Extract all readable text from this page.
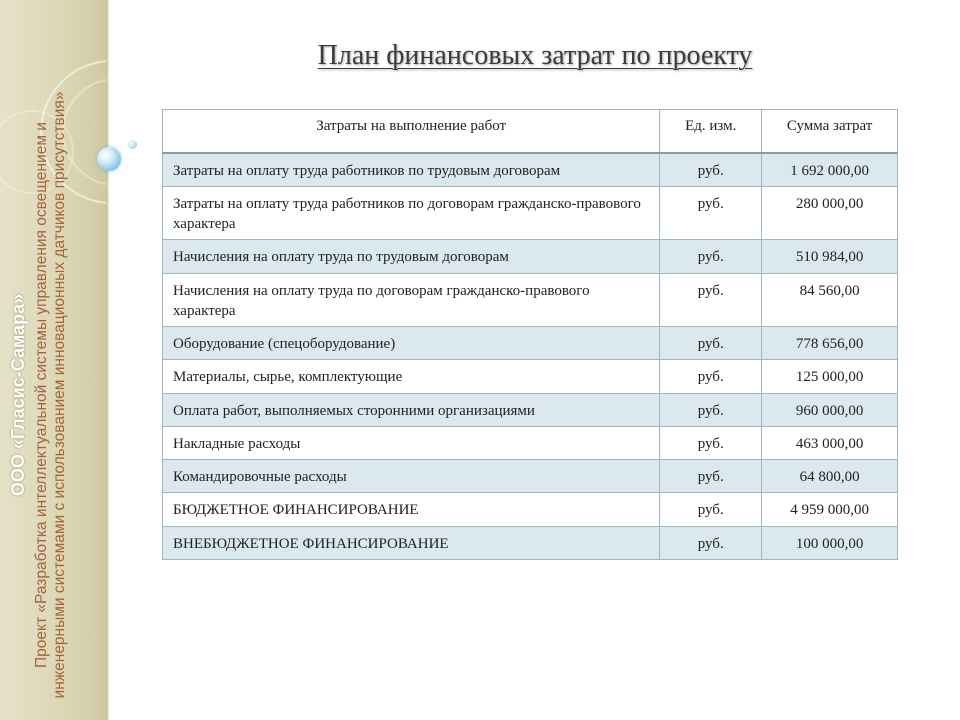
ООО «Гласис-Самара» Проект «Разработка интеллектуальной системы управления освещением и инженерными системами с использованием инновационных датчиков присутствия»
План финансовых затрат по проекту
Затраты на выполнение работ	Ед. изм.	Сумма затрат
Затраты на оплату труда работников по трудовым договорам	руб.	1 692 000,00
Затраты на оплату труда работников по договорам гражданско-правового характера	руб.	280 000,00
Начисления на оплату труда по трудовым договорам	руб.	510 984,00
Начисления на оплату труда по договорам гражданско-правового характера	руб.	84 560,00
Оборудование (спецоборудование)	руб.	778 656,00
Материалы, сырье, комплектующие	руб.	125 000,00
Оплата работ, выполняемых сторонними организациями	руб.	960 000,00
Накладные расходы	руб.	463 000,00
Командировочные расходы	руб.	64 800,00
БЮДЖЕТНОЕ ФИНАНСИРОВАНИЕ	руб.	4 959 000,00
ВНЕБЮДЖЕТНОЕ ФИНАНСИРОВАНИЕ	руб.	100 000,00
